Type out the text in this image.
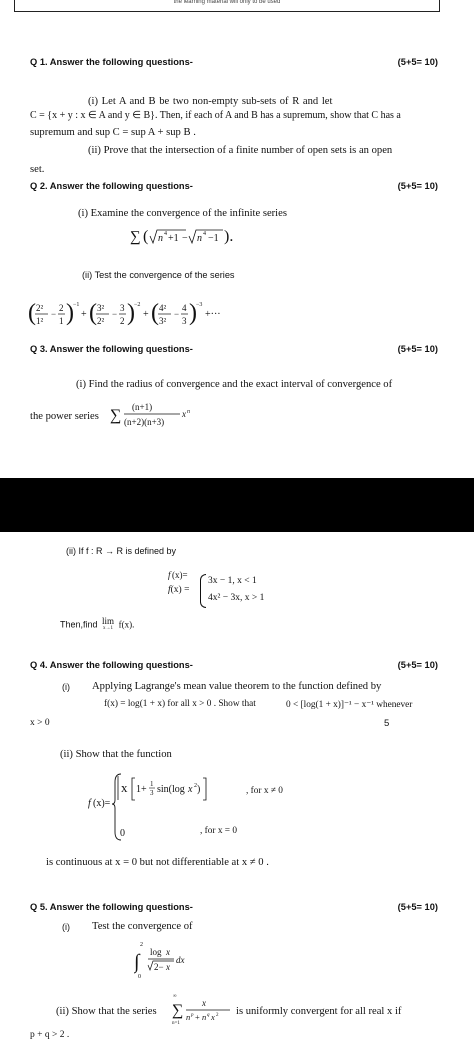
the learning material will only to be used
Q 1. Answer the following questions-	(5+5= 10)
(i) Let A and B be two non-empty sub-sets of R and let
C = {x + y : x ∈ A and y ∈ B}. Then, if each of A and B has a supremum, show that C has a
supremum and sup C = sup A + sup B .
(ii) Prove that the intersection of a finite number of open sets is an open
set.
Q 2. Answer the following questions-	(5+5= 10)
(i) Examine the convergence of the infinite series
∑ ( n 4 +1 − n 4 −1 ).
(ii) Test the convergence of the series
( 2²
1²
−
2
1 ) −1
+ ( 3²
2²
−
3
2 ) −2
+ ( 4²
3²
−
4
3 ) −3
+···
Q 3. Answer the following questions-	(5+5= 10)
(i) Find the radius of convergence and the exact interval of convergence of
the power series ∑ (n+1)
(n+2)(n+3)
x n
(ii) If f : R → R is defined by
f (x)=
f(x) =
3x − 1, x < 1
4x² − 3x, x > 1
Then,find lim
x→1 f(x).
Q 4. Answer the following questions-	(5+5= 10)
(i) Applying Lagrange's mean value theorem to the function defined by
f(x) = log(1 + x) for all x > 0 . Show that	0 < [log(1 + x)]⁻¹ − x⁻¹ whenever
x > 0	5
(ii) Show that the function
f (x)=
x 1+ 1
3 sin(log x 2 )
0
, for x ≠ 0
, for x = 0
is continuous at x = 0 but not differentiable at x ≠ 0 .
Q 5. Answer the following questions-	(5+5= 10)
(i) Test the convergence of
∫
2
0
log x
2− x
dx
(ii) Show that the series
∞
∑
n=1
x
n p + n q x 2 is uniformly convergent for all real x if
p + q > 2 .
